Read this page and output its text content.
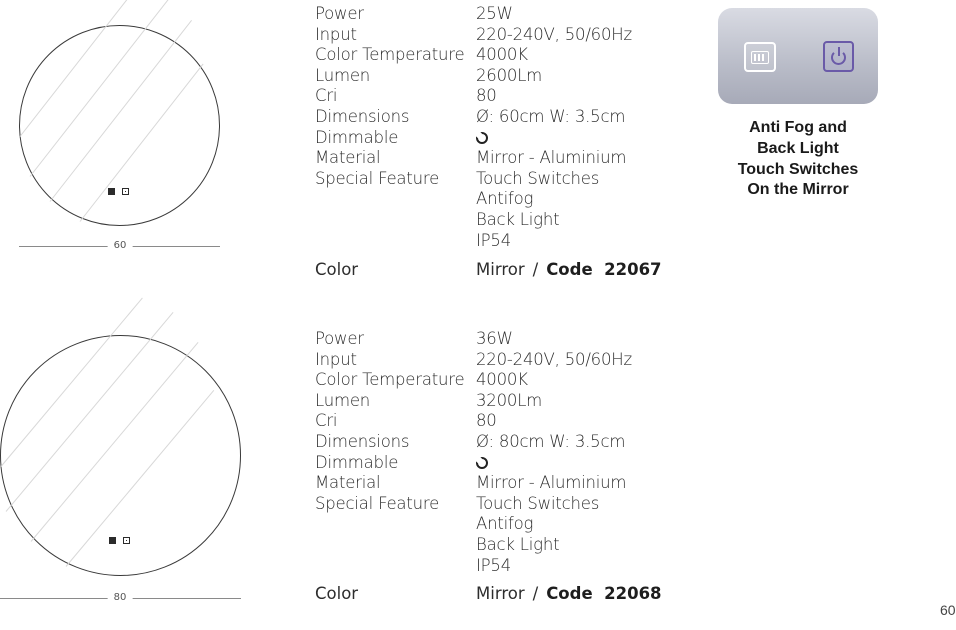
60
80
Power	25W
Input	220-240V, 50/60Hz
Color Temperature 4000K
Lumen	2600Lm
Cri	80
Dimensions	Ø: 60cm W: 3.5cm
Dimmable
Material	Mirror - Aluminium
Special Feature	Touch Switches
Antifog
Back Light
IP54
Color	Mirror / Code  22067
Power	36W
Input	220-240V, 50/60Hz
Color Temperature 4000K
Lumen	3200Lm
Cri	80
Dimensions	Ø: 80cm W: 3.5cm
Dimmable
Material	Mirror - Aluminium
Special Feature	Touch Switches
Antifog
Back Light
IP54
Color	Mirror / Code  22068
Anti Fog and
Back Light
Touch Switches
On the Mirror
60
